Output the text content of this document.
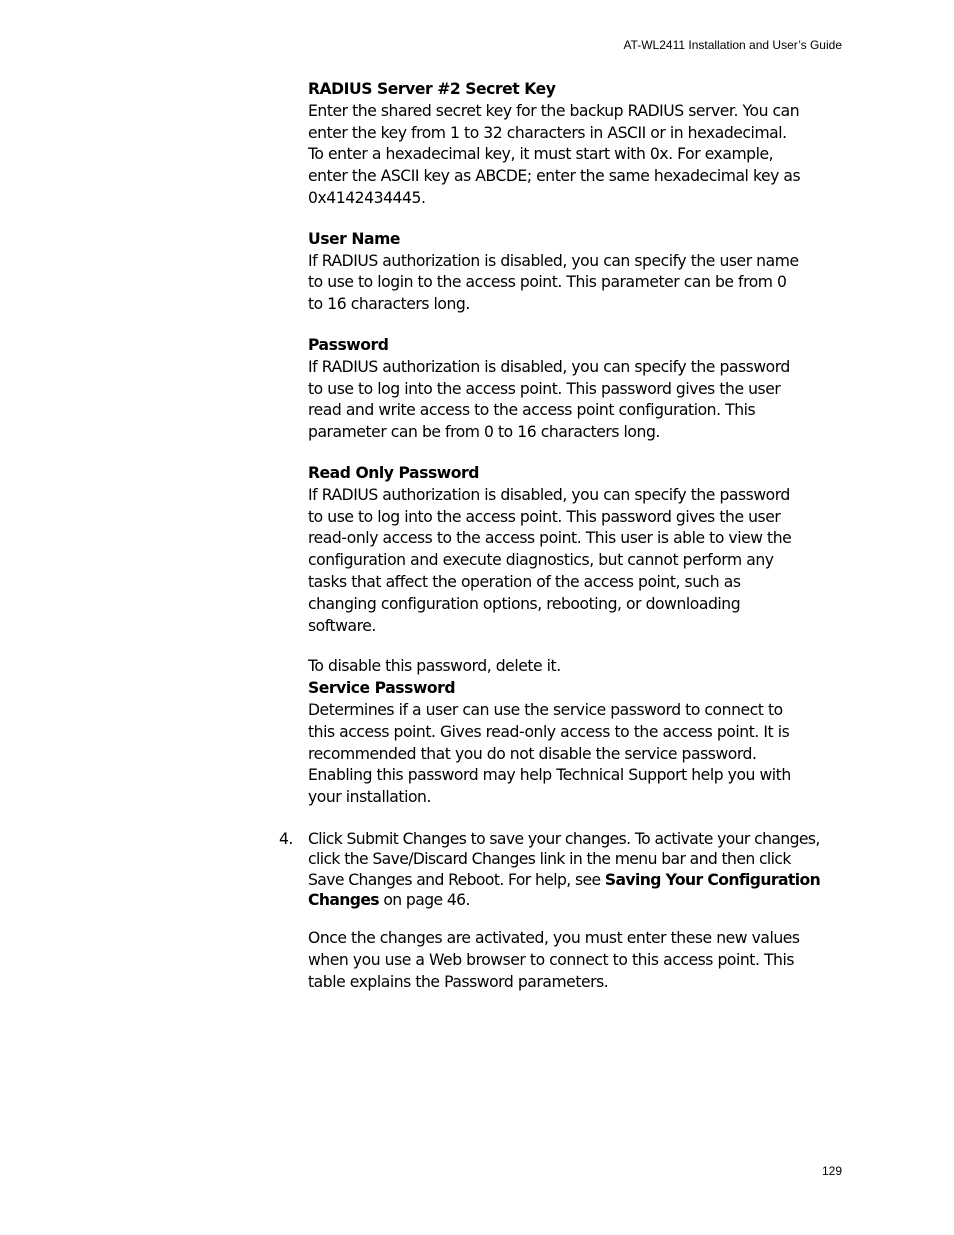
AT-WL2411 Installation and User’s Guide

RADIUS Server #2 Secret Key

Enter the shared secret key for the backup RADIUS server. You can

enter the key from 1 to 32 characters in ASCII or in hexadecimal.

To enter a hexadecimal key, it must start with 0x. For example,

enter the ASCII key as ABCDE; enter the same hexadecimal key as

0x4142434445.

User Name

If RADIUS authorization is disabled, you can specify the user name

to use to login to the access point. This parameter can be from 0

to 16 characters long.

Password

If RADIUS authorization is disabled, you can specify the password

to use to log into the access point. This password gives the user

read and write access to the access point configuration. This

parameter can be from 0 to 16 characters long.

Read Only Password

If RADIUS authorization is disabled, you can specify the password

to use to log into the access point. This password gives the user

read-only access to the access point. This user is able to view the

configuration and execute diagnostics, but cannot perform any

tasks that affect the operation of the access point, such as

changing configuration options, rebooting, or downloading

software.

To disable this password, delete it.

Service Password

Determines if a user can use the service password to connect to

this access point. Gives read-only access to the access point. It is

recommended that you do not disable the service password.

Enabling this password may help Technical Support help you with

your installation.

4. Click Submit Changes to save your changes. To activate your changes,

click the Save/Discard Changes link in the menu bar and then click

Save Changes and Reboot. For help, see Saving Your Configuration

Changes on page 46.

Once the changes are activated, you must enter these new values

when you use a Web browser to connect to this access point. This

table explains the Password parameters.

129
